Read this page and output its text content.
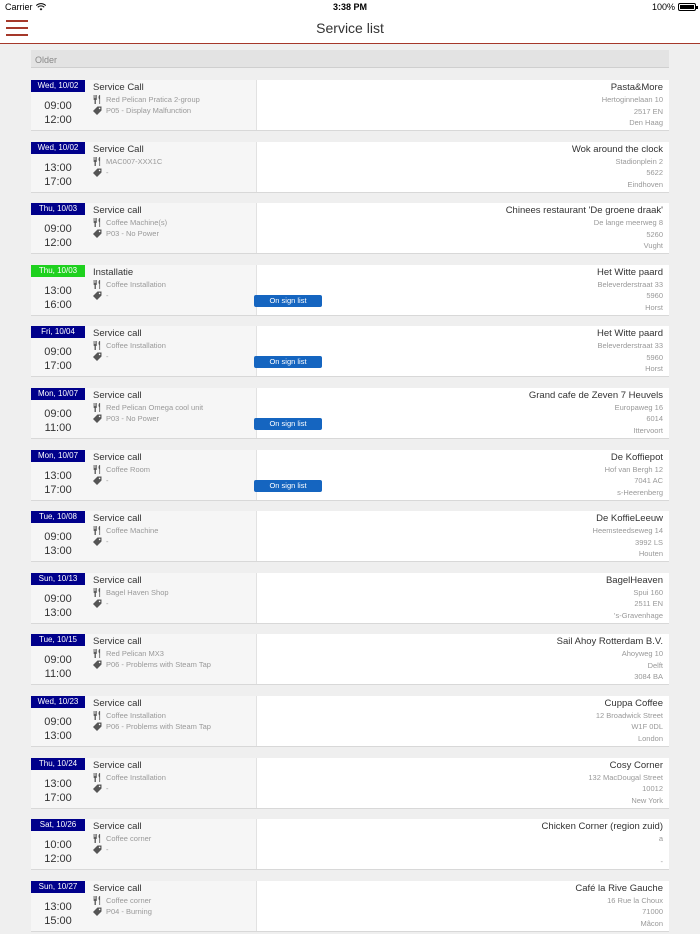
Carrier	3:38 PM	100%
Service list
Older
Wed, 10/02
09:00
12:00
Service Call
Red Pelican Pratica 2-group
P05 - Display Malfunction
Pasta&More
Hertoginnelaan 10
2517 EN
Den Haag
Wed, 10/02
13:00
17:00
Service Call
MAC007-XXX1C
-
Wok around the clock
Stadionplein 2
5622
Eindhoven
Thu, 10/03
09:00
12:00
Service call
Coffee Machine(s)
P03 - No Power
Chinees restaurant 'De groene draak'
De lange meerweg 8
5260
Vught
Thu, 10/03
13:00
16:00
Installatie
Coffee Installation
-
On sign list
Het Witte paard
Beleverderstraat 33
5960
Horst
Fri, 10/04
09:00
17:00
Service call
Coffee Installation
-
On sign list
Het Witte paard
Beleverderstraat 33
5960
Horst
Mon, 10/07
09:00
11:00
Service call
Red Pelican Omega cool unit
P03 - No Power
On sign list
Grand cafe de Zeven 7 Heuvels
Europaweg 16
6014
Ittervoort
Mon, 10/07
13:00
17:00
Service call
Coffee Room
-
On sign list
De Koffiepot
Hof van Bergh 12
7041 AC
s-Heerenberg
Tue, 10/08
09:00
13:00
Service call
Coffee Machine
-
De KoffieLeeuw
Heemsteedseweg 14
3992 LS
Houten
Sun, 10/13
09:00
13:00
Service call
Bagel Haven Shop
-
BagelHeaven
Spui 160
2511 EN
's-Gravenhage
Tue, 10/15
09:00
11:00
Service call
Red Pelican MX3
P06 - Problems with Steam Tap
Sail Ahoy Rotterdam B.V.
Ahoyweg 10
Delft
3084 BA
Wed, 10/23
09:00
13:00
Service call
Coffee Installation
P06 - Problems with Steam Tap
Cuppa Coffee
12 Broadwick Street
W1F 0DL
London
Thu, 10/24
13:00
17:00
Service call
Coffee Installation
-
Cosy Corner
132 MacDougal Street
10012
New York
Sat, 10/26
10:00
12:00
Service call
Coffee corner
-
Chicken Corner (region zuid)
a

-
Sun, 10/27
13:00
15:00
Service call
Coffee corner
P04 - Burning
Café la Rive Gauche
16 Rue la Choux
71000
Mâcon
